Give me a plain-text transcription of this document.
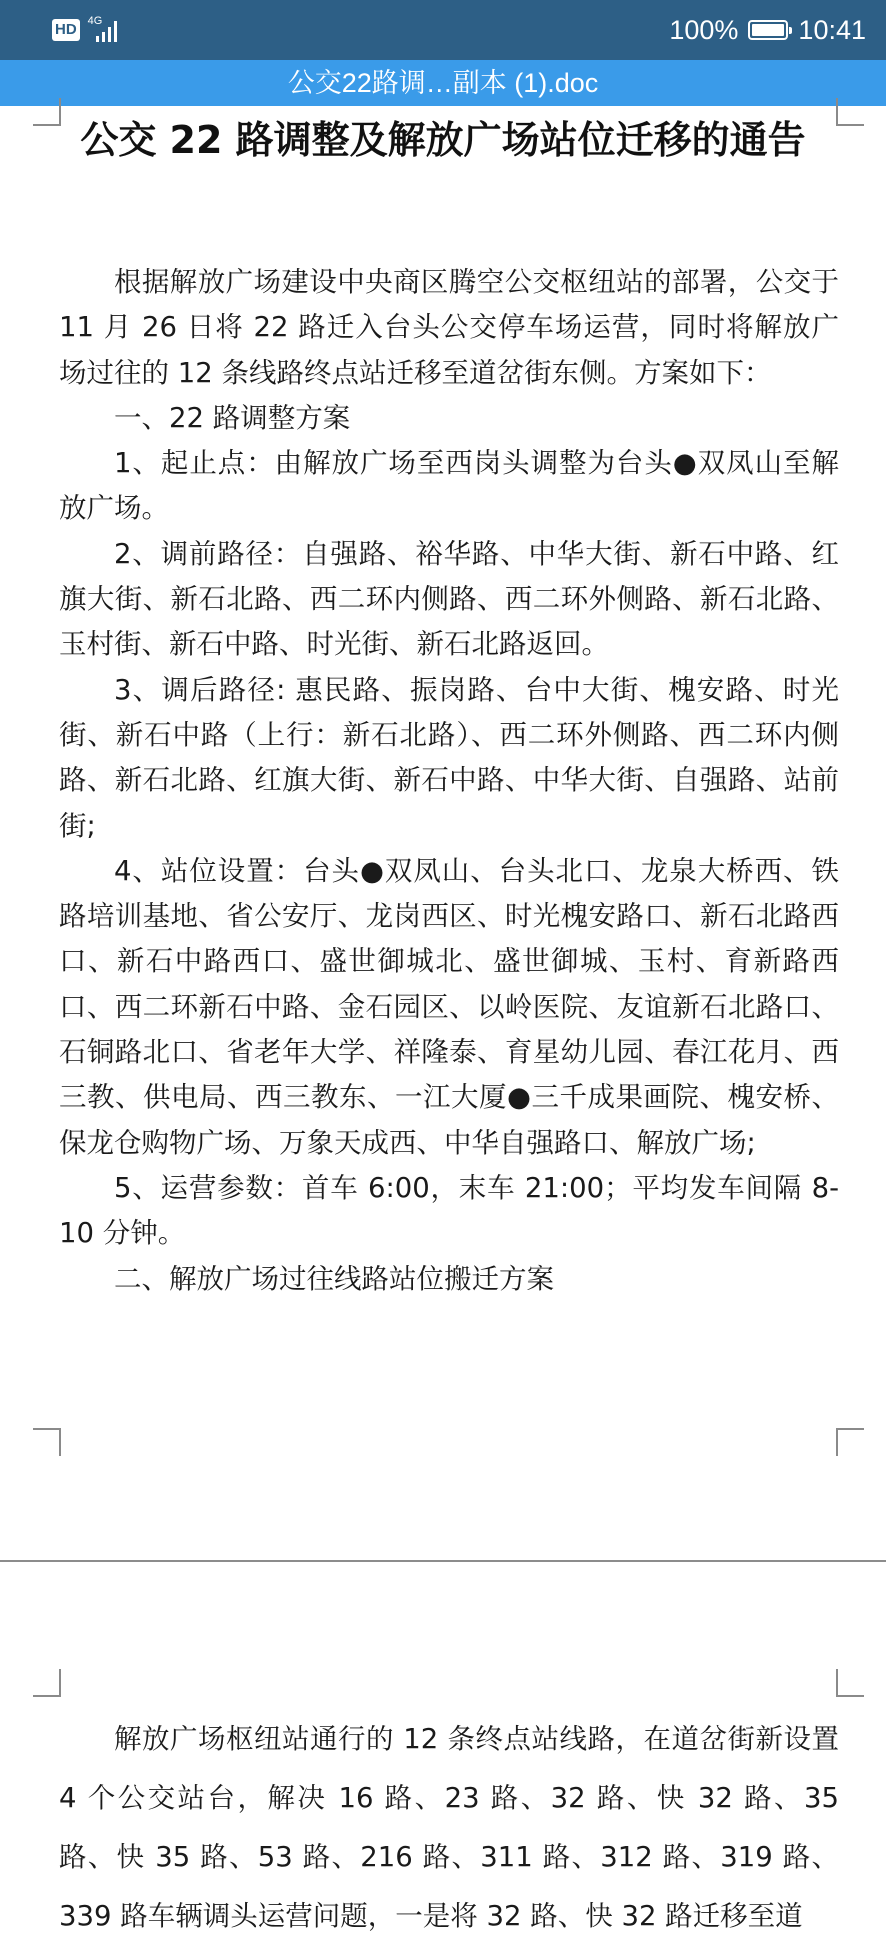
HD 4G	100% 10:41
公交22路调…副本 (1).doc
公交 22 路调整及解放广场站位迁移的通告

根据解放广场建设中央商区腾空公交枢纽站的部署，公交于 11 月 26 日将 22 路迁入台头公交停车场运营，同时将解放广场过往的 12 条线路终点站迁移至道岔街东侧。方案如下：

一、22 路调整方案

1、起止点：由解放广场至西岗头调整为台头●双凤山至解放广场。

2、调前路径：自强路、裕华路、中华大街、新石中路、红旗大街、新石北路、西二环内侧路、西二环外侧路、新石北路、玉村街、新石中路、时光街、新石北路返回。

3、调后路径: 惠民路、振岗路、台中大街、槐安路、时光街、新石中路（上行：新石北路）、西二环外侧路、西二环内侧路、新石北路、红旗大街、新石中路、中华大街、自强路、站前街;

4、站位设置：台头●双凤山、台头北口、龙泉大桥西、铁路培训基地、省公安厅、龙岗西区、时光槐安路口、新石北路西口、新石中路西口、盛世御城北、盛世御城、玉村、育新路西口、西二环新石中路、金石园区、以岭医院、友谊新石北路口、石铜路北口、省老年大学、祥隆泰、育星幼儿园、春江花月、西三教、供电局、西三教东、一江大厦●三千成果画院、槐安桥、保龙仓购物广场、万象天成西、中华自强路口、解放广场;

5、运营参数：首车 6:00，末车 21:00；平均发车间隔 8-10 分钟。

二、解放广场过往线路站位搬迁方案

解放广场枢纽站通行的 12 条终点站线路，在道岔街新设置 4 个公交站台，解决 16 路、23 路、32 路、快 32 路、35 路、快 35 路、53 路、216 路、311 路、312 路、319 路、339 路车辆调头运营问题，一是将 32 路、快 32 路迁移至道
